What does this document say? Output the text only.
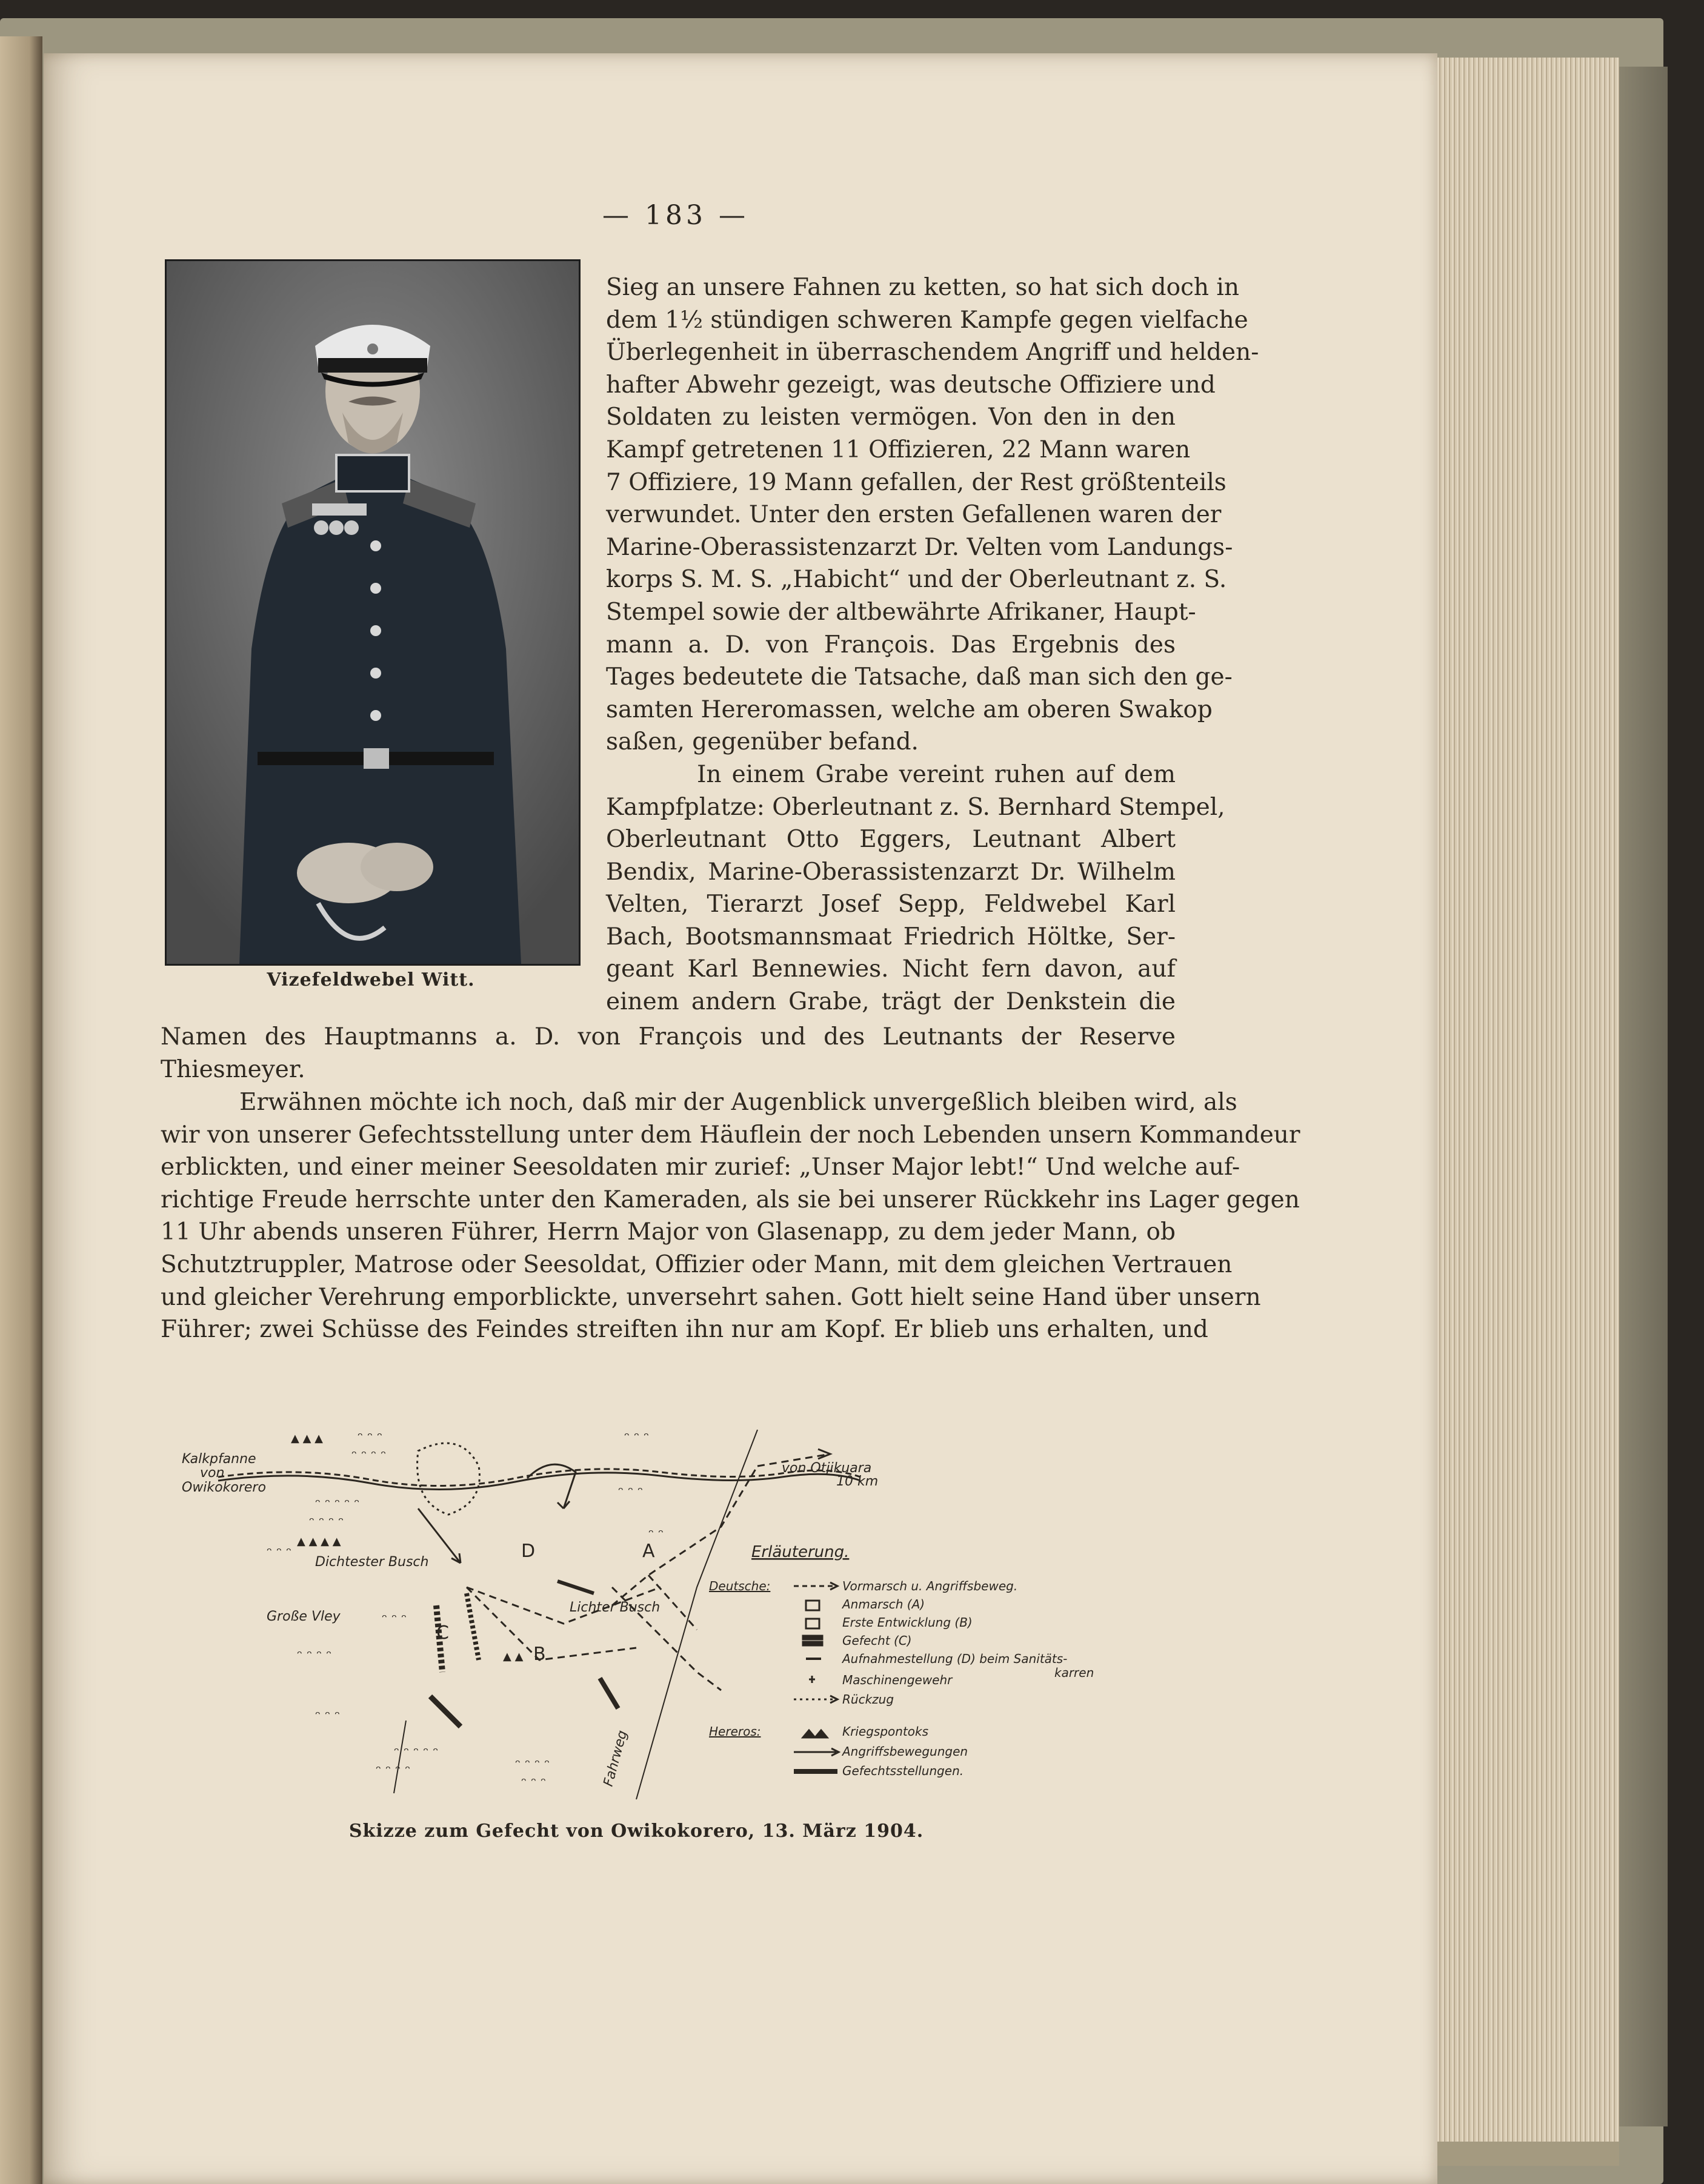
— 183 —
Vizefeldwebel Witt.
Sieg an unsere Fahnen zu ketten, so hat sich doch in
dem 1½ stündigen schweren Kampfe gegen vielfache
Überlegenheit in überraschendem Angriff und helden-
hafter Abwehr gezeigt, was deutsche Offiziere und
Soldaten zu leisten vermögen. Von den in den
Kampf getretenen 11 Offizieren, 22 Mann waren
7 Offiziere, 19 Mann gefallen, der Rest größtenteils
verwundet. Unter den ersten Gefallenen waren der
Marine-Oberassistenzarzt Dr. Velten vom Landungs-
korps S. M. S. „Habicht“ und der Oberleutnant z. S.
Stempel sowie der altbewährte Afrikaner, Haupt-
mann a. D. von François. Das Ergebnis des
Tages bedeutete die Tatsache, daß man sich den ge-
samten Hereromassen, welche am oberen Swakop
saßen, gegenüber befand.
In einem Grabe vereint ruhen auf dem
Kampfplatze: Oberleutnant z. S. Bernhard Stempel,
Oberleutnant Otto Eggers, Leutnant Albert
Bendix, Marine-Oberassistenzarzt Dr. Wilhelm
Velten, Tierarzt Josef Sepp, Feldwebel Karl
Bach, Bootsmannsmaat Friedrich Höltke, Ser-
geant Karl Bennewies. Nicht fern davon, auf
einem andern Grabe, trägt der Denkstein die
Namen des Hauptmanns a. D. von François und des Leutnants der Reserve
Thiesmeyer.
Erwähnen möchte ich noch, daß mir der Augenblick unvergeßlich bleiben wird, als
wir von unserer Gefechtsstellung unter dem Häuflein der noch Lebenden unsern Kommandeur
erblickten, und einer meiner Seesoldaten mir zurief: „Unser Major lebt!“ Und welche auf-
richtige Freude herrschte unter den Kameraden, als sie bei unserer Rückkehr ins Lager gegen
11 Uhr abends unseren Führer, Herrn Major von Glasenapp, zu dem jeder Mann, ob
Schutztruppler, Matrose oder Seesoldat, Offizier oder Mann, mit dem gleichen Vertrauen
und gleicher Verehrung emporblickte, unversehrt sahen. Gott hielt seine Hand über unsern
Führer; zwei Schüsse des Feindes streiften ihn nur am Kopf. Er blieb uns erhalten, und
ᵔ ᵔ ᵔ
ᵔ ᵔ ᵔ ᵔ
ᵔ ᵔ ᵔ ᵔ ᵔ
ᵔ ᵔ ᵔ ᵔ
ᵔ ᵔ ᵔ
ᵔ ᵔ ᵔ
ᵔ ᵔ ᵔ ᵔ
ᵔ ᵔ ᵔ
ᵔ ᵔ ᵔ ᵔ ᵔ
ᵔ ᵔ ᵔ ᵔ	ᵔ ᵔ ᵔ ᵔ
ᵔ ᵔ ᵔ
ᵔ ᵔ ᵔ
ᵔ ᵔ
ᵔ ᵔ ᵔ
▲ ▲ ▲ ▲
▲ ▲ ▲
▲ ▲
Kalkpfanne
von
Owikokorero
Dichtester Busch
Große Vley
Lichter Busch
Fahrweg
von Otjikuara
10 km
D	A
C
B
Erläuterung.
Deutsche:	Vormarsch u. Angriffsbeweg.
Anmarsch (A)
Erste Entwicklung (B)
Gefecht (C)
Aufnahmestellung (D) beim Sanitäts-
karren
Maschinengewehr
Rückzug
Hereros:	Kriegspontoks
Angriffsbewegungen
Gefechtsstellungen.
Skizze zum Gefecht von Owikokorero, 13. März 1904.
